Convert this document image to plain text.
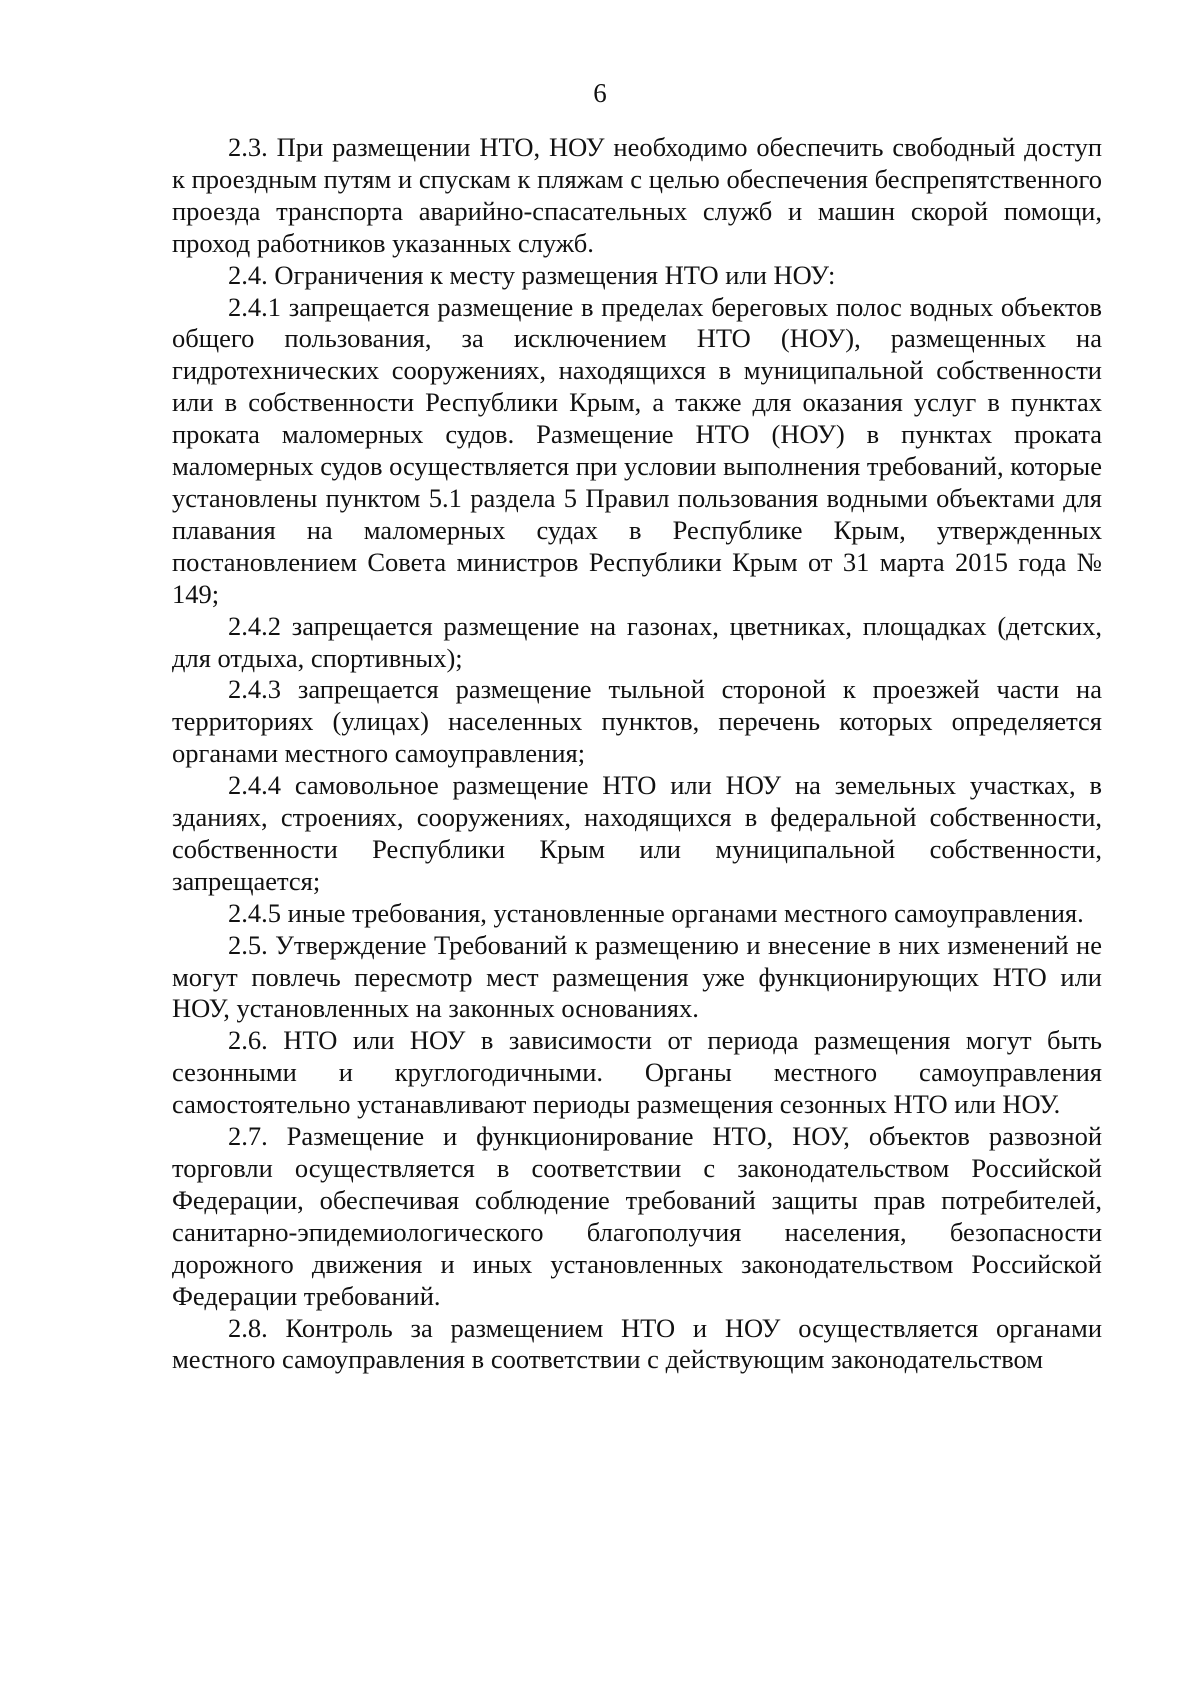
6

2.3. При размещении НТО, НОУ необходимо обеспечить свободный доступ к проездным путям и спускам к пляжам с целью обеспечения беспрепятственного проезда транспорта аварийно-спасательных служб и машин скорой помощи, проход работников указанных служб.

2.4. Ограничения к месту размещения НТО или НОУ:

2.4.1 запрещается размещение в пределах береговых полос водных объектов общего пользования, за исключением НТО (НОУ), размещенных на гидротехнических сооружениях, находящихся в муниципальной собственности или в собственности Республики Крым, а также для оказания услуг в пунктах проката маломерных судов. Размещение НТО (НОУ) в пунктах проката маломерных судов осуществляется при условии выполнения требований, которые установлены пунктом 5.1 раздела 5 Правил пользования водными объектами для плавания на маломерных судах в Республике Крым, утвержденных постановлением Совета министров Республики Крым от 31 марта 2015 года № 149;

2.4.2 запрещается размещение на газонах, цветниках, площадках (детских, для отдыха, спортивных);

2.4.3 запрещается размещение тыльной стороной к проезжей части на территориях (улицах) населенных пунктов, перечень которых определяется органами местного самоуправления;

2.4.4 самовольное размещение НТО или НОУ на земельных участках, в зданиях, строениях, сооружениях, находящихся в федеральной собственности, собственности Республики Крым или муниципальной собственности, запрещается;

2.4.5 иные требования, установленные органами местного самоуправления.

2.5. Утверждение Требований к размещению и внесение в них изменений не могут повлечь пересмотр мест размещения уже функционирующих НТО или НОУ, установленных на законных основаниях.

2.6. НТО или НОУ в зависимости от периода размещения могут быть сезонными и круглогодичными. Органы местного самоуправления самостоятельно устанавливают периоды размещения сезонных НТО или НОУ.

2.7. Размещение и функционирование НТО, НОУ, объектов развозной торговли осуществляется в соответствии с законодательством Российской Федерации, обеспечивая соблюдение требований защиты прав потребителей, санитарно-эпидемиологического благополучия населения, безопасности дорожного движения и иных установленных законодательством Российской Федерации требований.

2.8. Контроль за размещением НТО и НОУ осуществляется органами местного самоуправления в соответствии с действующим законодательством
